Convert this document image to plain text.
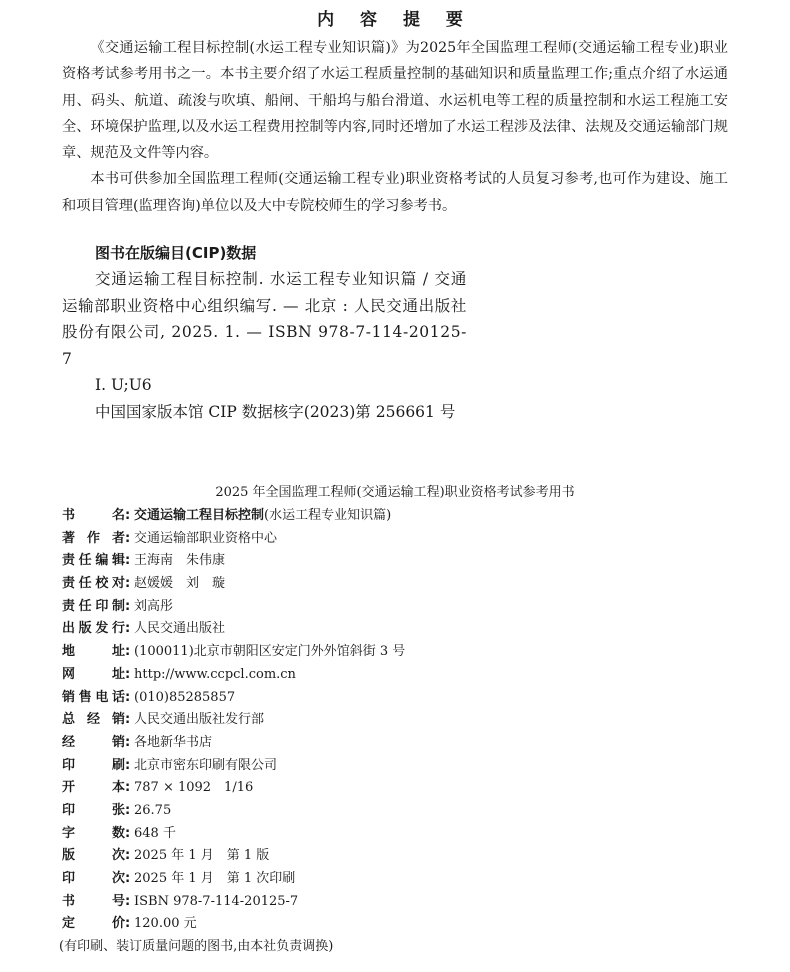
内 容 提 要

《交通运输工程目标控制(水运工程专业知识篇)》为2025年全国监理工程师(交通运输工程专业)职业资格考试参考用书之一。本书主要介绍了水运工程质量控制的基础知识和质量监理工作;重点介绍了水运通用、码头、航道、疏浚与吹填、船闸、干船坞与船台滑道、水运机电等工程的质量控制和水运工程施工安全、环境保护监理,以及水运工程费用控制等内容,同时还增加了水运工程涉及法律、法规及交通运输部门规章、规范及文件等内容。

本书可供参加全国监理工程师(交通运输工程专业)职业资格考试的人员复习参考,也可作为建设、施工和项目管理(监理咨询)单位以及大中专院校师生的学习参考书。

图书在版编目(CIP)数据
交通运输工程目标控制. 水运工程专业知识篇 / 交通运输部职业资格中心组织编写. — 北京 : 人民交通出版社股份有限公司, 2025. 1. — ISBN 978-7-114-20125-7
Ⅰ. U;U6
中国国家版本馆 CIP 数据核字(2023)第 256661 号
2025 年全国监理工程师(交通运输工程)职业资格考试参考用书
书	名 : 交通运输工程目标控制 (水运工程专业知识篇)
著 作 者 : 交通运输部职业资格中心
责 任 编 辑 : 王海南　朱伟康
责 任 校 对 : 赵媛媛　刘　璇
责 任 印 制 : 刘高彤
出 版 发 行 : 人民交通出版社
地	址 : (100011)北京市朝阳区安定门外外馆斜街 3 号
网	址 : http://www.ccpcl.com.cn
销 售 电 话 : (010)85285857
总 经 销 : 人民交通出版社发行部
经	销 : 各地新华书店
印	刷 : 北京市密东印刷有限公司
开	本 : 787 × 1092　1/16
印	张 : 26.75
字	数 : 648 千
版	次 : 2025 年 1 月　第 1 版
印	次 : 2025 年 1 月　第 1 次印刷
书	号 : ISBN 978-7-114-20125-7
定	价 : 120.00 元
(有印刷、装订质量问题的图书,由本社负责调换)
